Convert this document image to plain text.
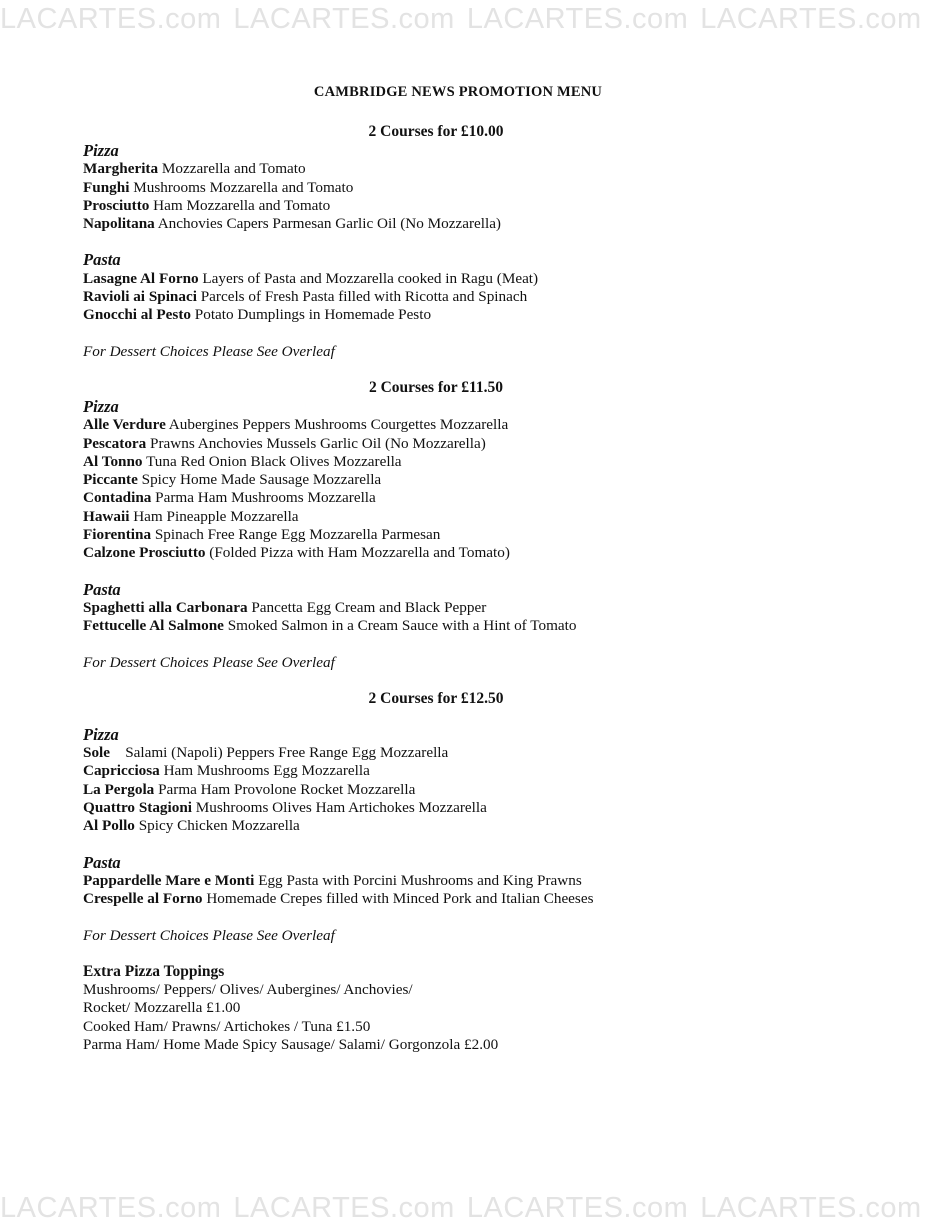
LACARTES.com LACARTES.com LACARTES.com LACARTES.com
CAMBRIDGE NEWS PROMOTION MENU
2 Courses for £10.00
Pizza
Margherita Mozzarella and Tomato
Funghi Mushrooms Mozzarella and Tomato
Prosciutto Ham Mozzarella and Tomato
Napolitana Anchovies Capers Parmesan Garlic Oil (No Mozzarella)
Pasta
Lasagne Al Forno Layers of Pasta and Mozzarella cooked in Ragu (Meat)
Ravioli ai Spinaci Parcels of Fresh Pasta filled with Ricotta and Spinach
Gnocchi al Pesto Potato Dumplings in Homemade Pesto
For Dessert Choices Please See Overleaf
2 Courses for £11.50
Pizza
Alle Verdure Aubergines Peppers Mushrooms Courgettes Mozzarella
Pescatora Prawns Anchovies Mussels Garlic Oil (No Mozzarella)
Al Tonno Tuna Red Onion Black Olives Mozzarella
Piccante Spicy Home Made Sausage Mozzarella
Contadina Parma Ham Mushrooms Mozzarella
Hawaii Ham Pineapple Mozzarella
Fiorentina Spinach Free Range Egg Mozzarella Parmesan
Calzone Prosciutto (Folded Pizza with Ham Mozzarella and Tomato)
Pasta
Spaghetti alla Carbonara Pancetta Egg Cream and Black Pepper
Fettucelle Al Salmone Smoked Salmon in a Cream Sauce with a Hint of Tomato
For Dessert Choices Please See Overleaf
2 Courses for £12.50
Pizza
Sole Salami (Napoli) Peppers Free Range Egg Mozzarella
Capricciosa Ham Mushrooms Egg Mozzarella
La Pergola Parma Ham Provolone Rocket Mozzarella
Quattro Stagioni Mushrooms Olives Ham Artichokes Mozzarella
Al Pollo Spicy Chicken Mozzarella
Pasta
Pappardelle Mare e Monti Egg Pasta with Porcini Mushrooms and King Prawns
Crespelle al Forno Homemade Crepes filled with Minced Pork and Italian Cheeses
For Dessert Choices Please See Overleaf
Extra Pizza Toppings
Mushrooms/ Peppers/ Olives/ Aubergines/ Anchovies/
Rocket/ Mozzarella £1.00
Cooked Ham/ Prawns/ Artichokes / Tuna £1.50
Parma Ham/ Home Made Spicy Sausage/ Salami/ Gorgonzola £2.00
LACARTES.com LACARTES.com LACARTES.com LACARTES.com
